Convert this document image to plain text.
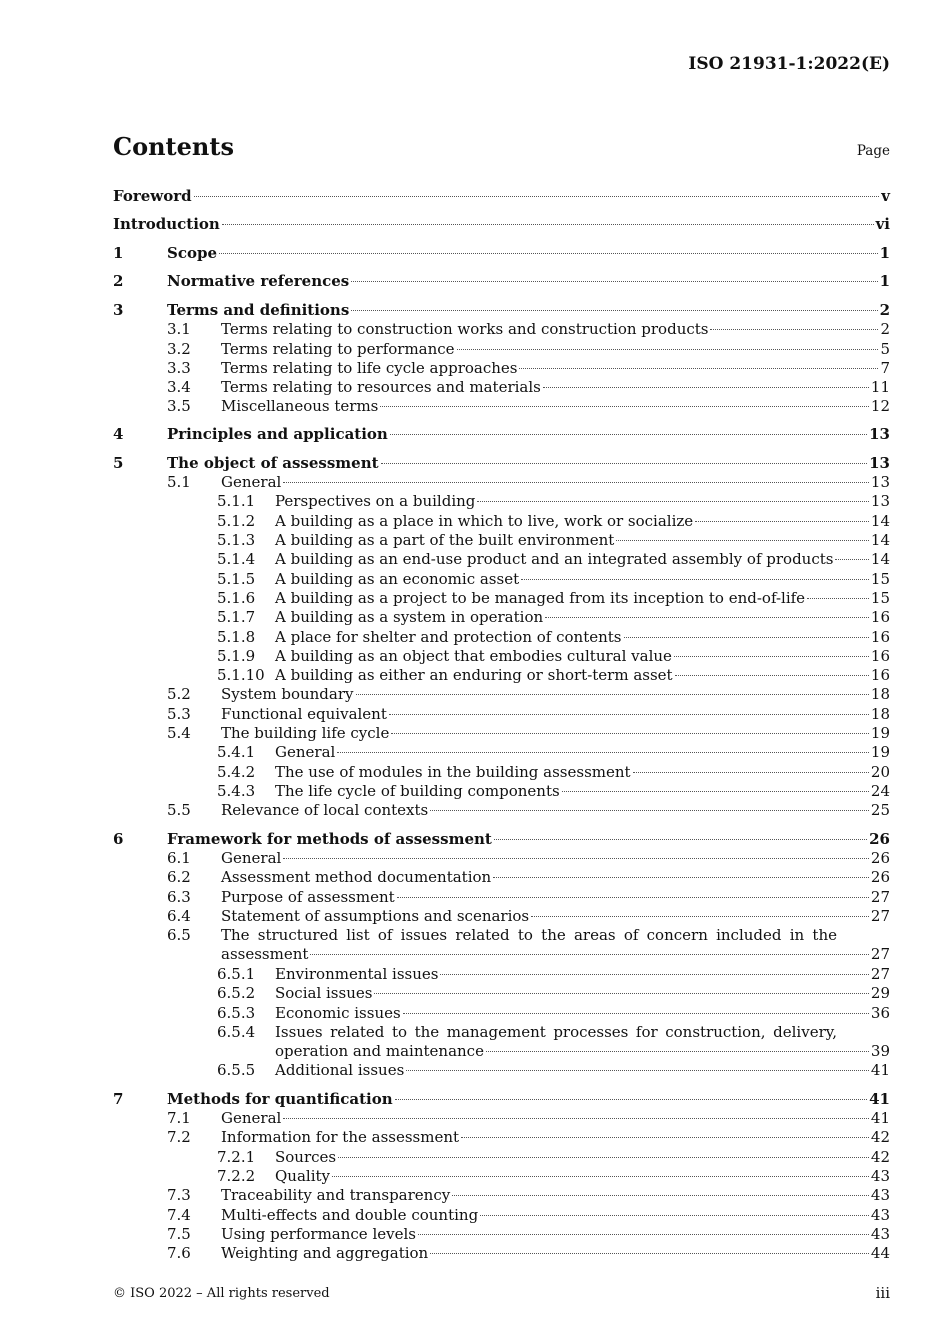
ISO 21931-1:2022(E)
Contents	Page
Foreword	v
Introduction	vi
1	Scope	1
2	Normative references	1
3	Terms and definitions	2
3.1 Terms relating to construction works and construction products	2
3.2 Terms relating to performance	5
3.3 Terms relating to life cycle approaches	7
3.4 Terms relating to resources and materials	11
3.5 Miscellaneous terms	12
4	Principles and application	13
5	The object of assessment	13
5.1 General	13
5.1.1 Perspectives on a building	13
5.1.2 A building as a place in which to live, work or socialize	14
5.1.3 A building as a part of the built environment	14
5.1.4 A building as an end-use product and an integrated assembly of products 14
5.1.5 A building as an economic asset	15
5.1.6 A building as a project to be managed from its inception to end-of-life	15
5.1.7 A building as a system in operation	16
5.1.8 A place for shelter and protection of contents	16
5.1.9 A building as an object that embodies cultural value	16
5.1.10 A building as either an enduring or short-term asset	16
5.2 System boundary	18
5.3 Functional equivalent	18
5.4 The building life cycle	19
5.4.1 General	19
5.4.2 The use of modules in the building assessment	20
5.4.3 The life cycle of building components	24
5.5 Relevance of local contexts	25
6	Framework for methods of assessment	26
6.1 General	26
6.2 Assessment method documentation	26
6.3 Purpose of assessment	27
6.4 Statement of assumptions and scenarios	27
6.5 The structured list of issues related to the areas of concern included in the
assessment	27
6.5.1 Environmental issues	27
6.5.2 Social issues	29
6.5.3 Economic issues	36
6.5.4 Issues related to the management processes for construction, delivery,
operation and maintenance	39
6.5.5 Additional issues	41
7	Methods for quantification	41
7.1 General	41
7.2 Information for the assessment	42
7.2.1 Sources	42
7.2.2 Quality	43
7.3 Traceability and transparency	43
7.4 Multi-effects and double counting	43
7.5 Using performance levels	43
7.6 Weighting and aggregation	44
© ISO 2022 – All rights reserved	iii
